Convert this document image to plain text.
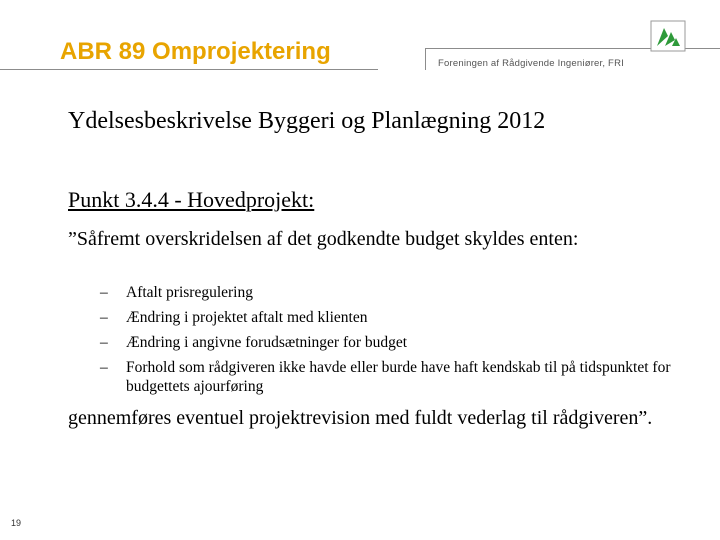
ABR 89 Omprojektering	Foreningen af Rådgivende Ingeniører, FRI
Ydelsesbeskrivelse Byggeri og Planlægning 2012
Punkt 3.4.4 - Hovedprojekt:
”Såfremt overskridelsen af det godkendte budget skyldes enten:
– Aftalt prisregulering
– Ændring i projektet aftalt med klienten
– Ændring i angivne forudsætninger for budget
– Forhold som rådgiveren ikke havde eller burde have haft kendskab til på tidspunktet for budgettets ajourføring
gennemføres eventuel projektrevision med fuldt vederlag til rådgiveren”.
19
